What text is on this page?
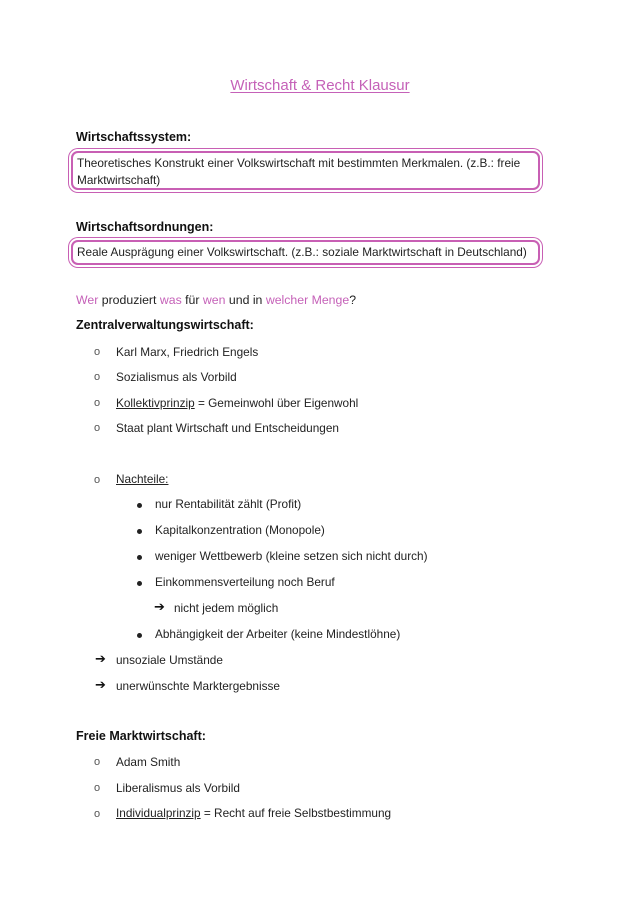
Wirtschaft & Recht Klausur
Wirtschaftssystem:

Theoretisches Konstrukt einer Volkswirtschaft mit bestimmten Merkmalen. (z.B.: freie

Marktwirtschaft)

Wirtschaftsordnungen:

Reale Ausprägung einer Volkswirtschaft. (z.B.: soziale Marktwirtschaft in Deutschland)

Wer produziert was für wen und in welcher Menge?
Zentralverwaltungswirtschaft:
o Karl Marx, Friedrich Engels
o Sozialismus als Vorbild
o Kollektivprinzip = Gemeinwohl über Eigenwohl
o Staat plant Wirtschaft und Entscheidungen
o Nachteile:
nur Rentabilität zählt (Profit)
Kapitalkonzentration (Monopole)
weniger Wettbewerb (kleine setzen sich nicht durch)
Einkommensverteilung noch Beruf
➔ nicht jedem möglich
Abhängigkeit der Arbeiter (keine Mindestlöhne)
➔ unsoziale Umstände
➔ unerwünschte Marktergebnisse
Freie Marktwirtschaft:
o Adam Smith
o Liberalismus als Vorbild
o Individualprinzip = Recht auf freie Selbstbestimmung
